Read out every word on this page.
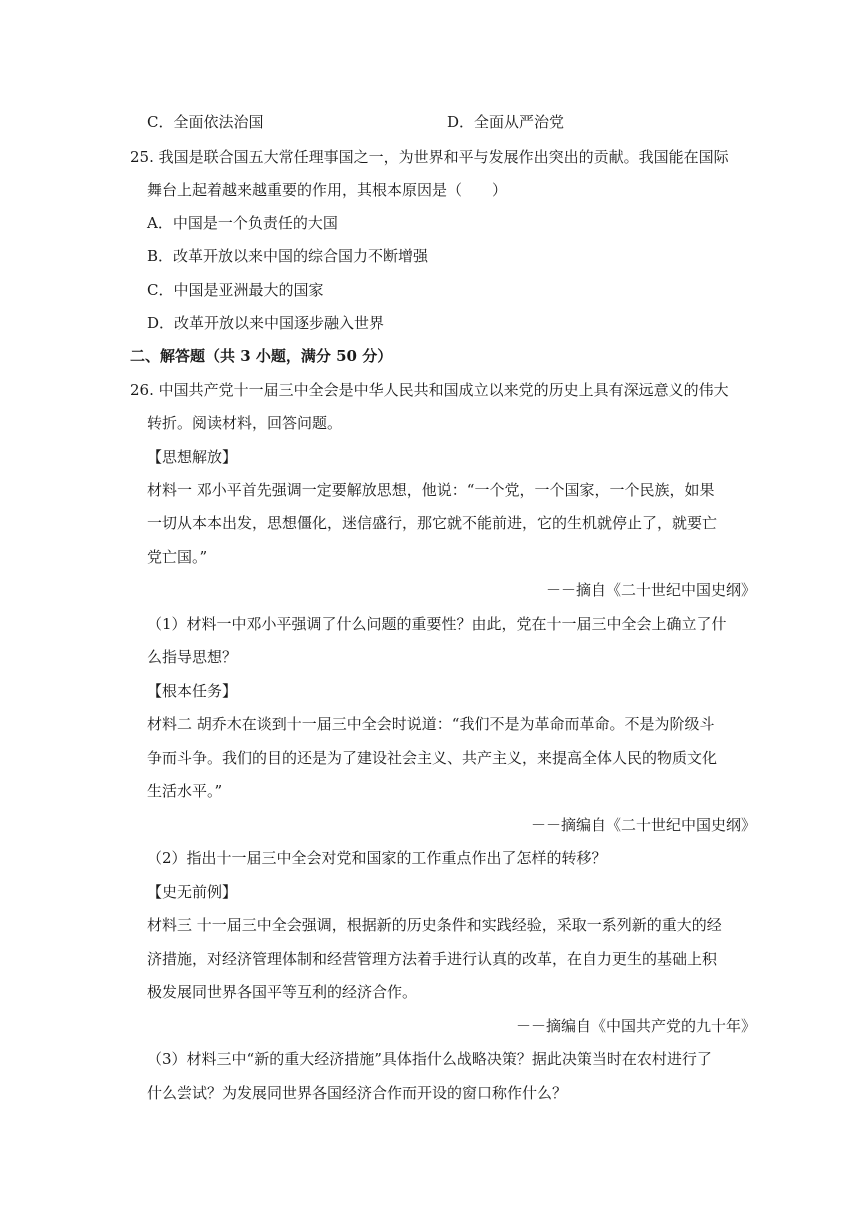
C．全面依法治国	D．全面从严治党
25. 我国是联合国五大常任理事国之一，为世界和平与发展作出突出的贡献。我国能在国际
舞台上起着越来越重要的作用，其根本原因是（　　）
A．中国是一个负责任的大国
B．改革开放以来中国的综合国力不断增强
C．中国是亚洲最大的国家
D．改革开放以来中国逐步融入世界
二、解答题（共 3 小题，满分 50 分）
26. 中国共产党十一届三中全会是中华人民共和国成立以来党的历史上具有深远意义的伟大
转折。阅读材料，回答问题。
【思想解放】
材料一 邓小平首先强调一定要解放思想，他说：“一个党，一个国家，一个民族，如果
一切从本本出发，思想僵化，迷信盛行，那它就不能前进，它的生机就停止了，就要亡
党亡国。”
－－摘自《二十世纪中国史纲》
（1）材料一中邓小平强调了什么问题的重要性？由此，党在十一届三中全会上确立了什
么指导思想？
【根本任务】
材料二 胡乔木在谈到十一届三中全会时说道：“我们不是为革命而革命。不是为阶级斗
争而斗争。我们的目的还是为了建设社会主义、共产主义，来提高全体人民的物质文化
生活水平。”
－－摘编自《二十世纪中国史纲》
（2）指出十一届三中全会对党和国家的工作重点作出了怎样的转移？
【史无前例】
材料三 十一届三中全会强调，根据新的历史条件和实践经验，采取一系列新的重大的经
济措施，对经济管理体制和经营管理方法着手进行认真的改革，在自力更生的基础上积
极发展同世界各国平等互利的经济合作。
－－摘编自《中国共产党的九十年》
（3）材料三中“新的重大经济措施”具体指什么战略决策？据此决策当时在农村进行了
什么尝试？为发展同世界各国经济合作而开设的窗口称作什么？
